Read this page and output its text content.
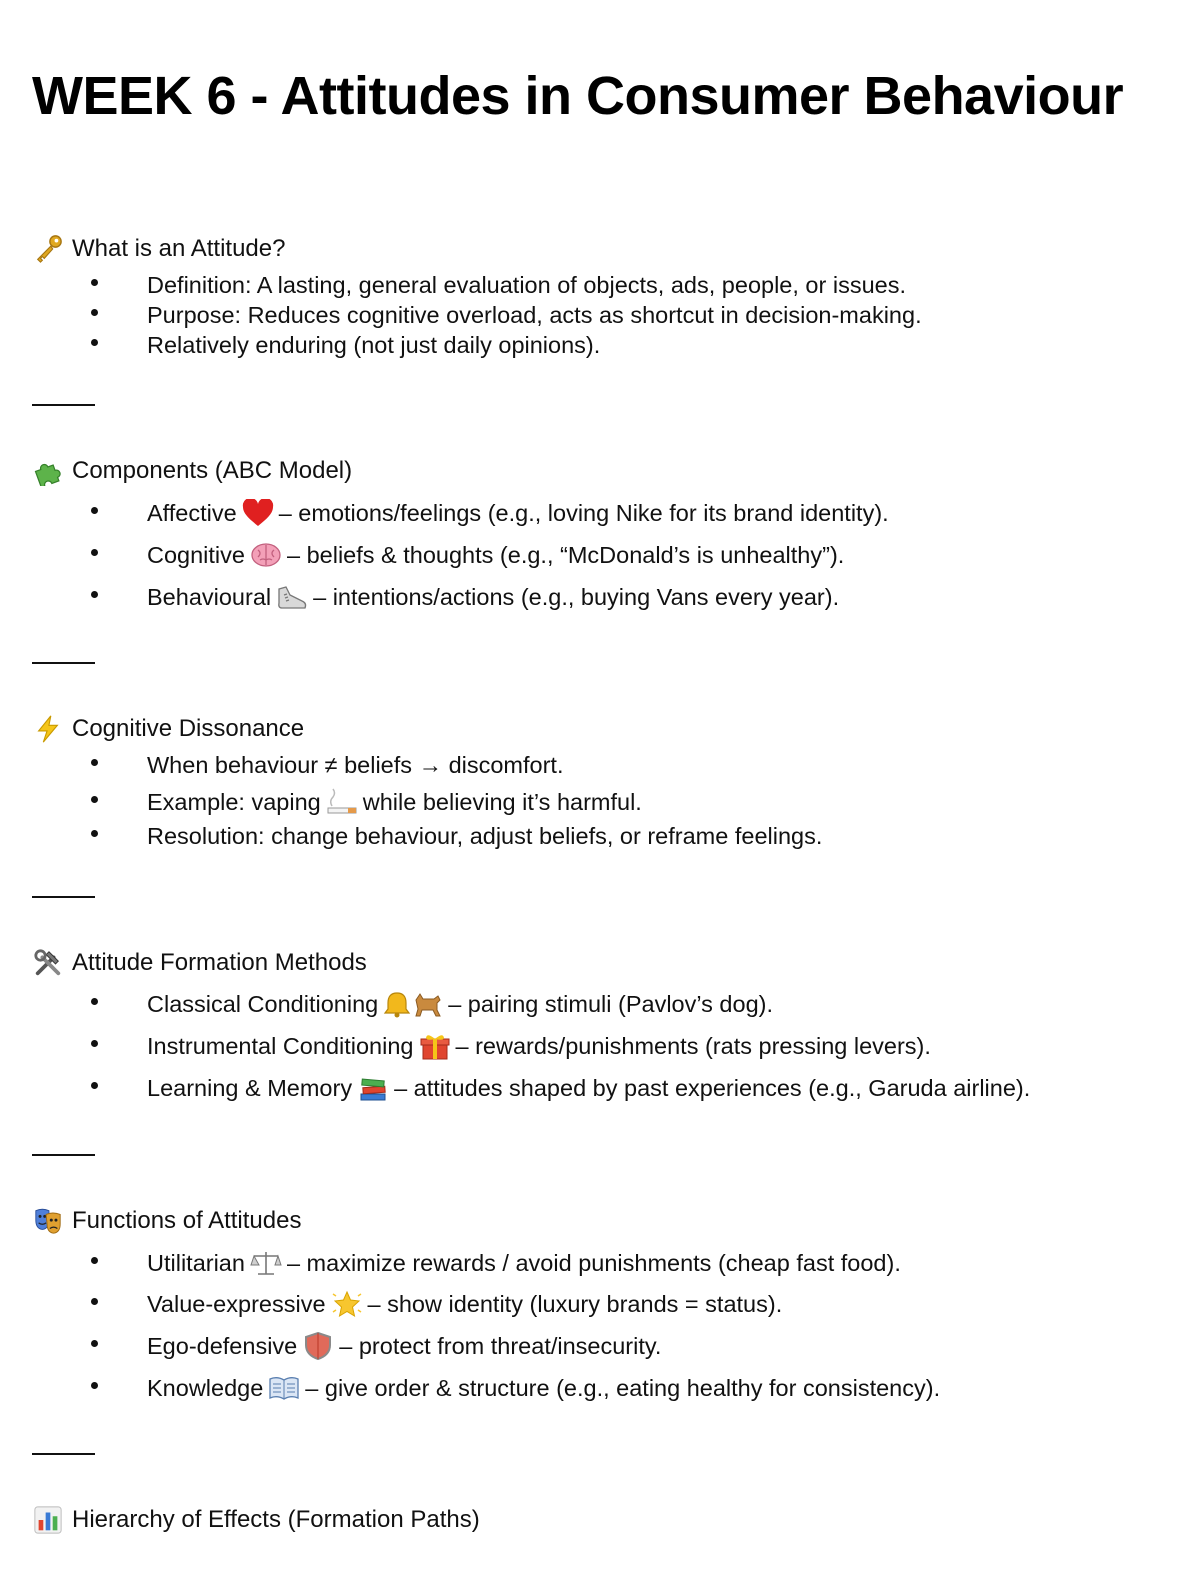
WEEK 6 - Attitudes in Consumer Behaviour
What is an Attitude?
Definition: A lasting, general evaluation of objects, ads, people, or issues.
Purpose: Reduces cognitive overload, acts as shortcut in decision-making.
Relatively enduring (not just daily opinions).
Components (ABC Model)
Affective – emotions/feelings (e.g., loving Nike for its brand identity).
Cognitive – beliefs & thoughts (e.g., “McDonald’s is unhealthy”).
Behavioural – intentions/actions (e.g., buying Vans every year).
Cognitive Dissonance
When behaviour ≠ beliefs → discomfort.
Example: vaping while believing it’s harmful.
Resolution: change behaviour, adjust beliefs, or reframe feelings.
Attitude Formation Methods
Classical Conditioning	– pairing stimuli (Pavlov’s dog).
Instrumental Conditioning – rewards/punishments (rats pressing levers).
Learning & Memory – attitudes shaped by past experiences (e.g., Garuda airline).
Functions of Attitudes
Utilitarian – maximize rewards / avoid punishments (cheap fast food).
Value-expressive – show identity (luxury brands = status).
Ego-defensive – protect from threat/insecurity.
Knowledge – give order & structure (e.g., eating healthy for consistency).
Hierarchy of Effects (Formation Paths)
